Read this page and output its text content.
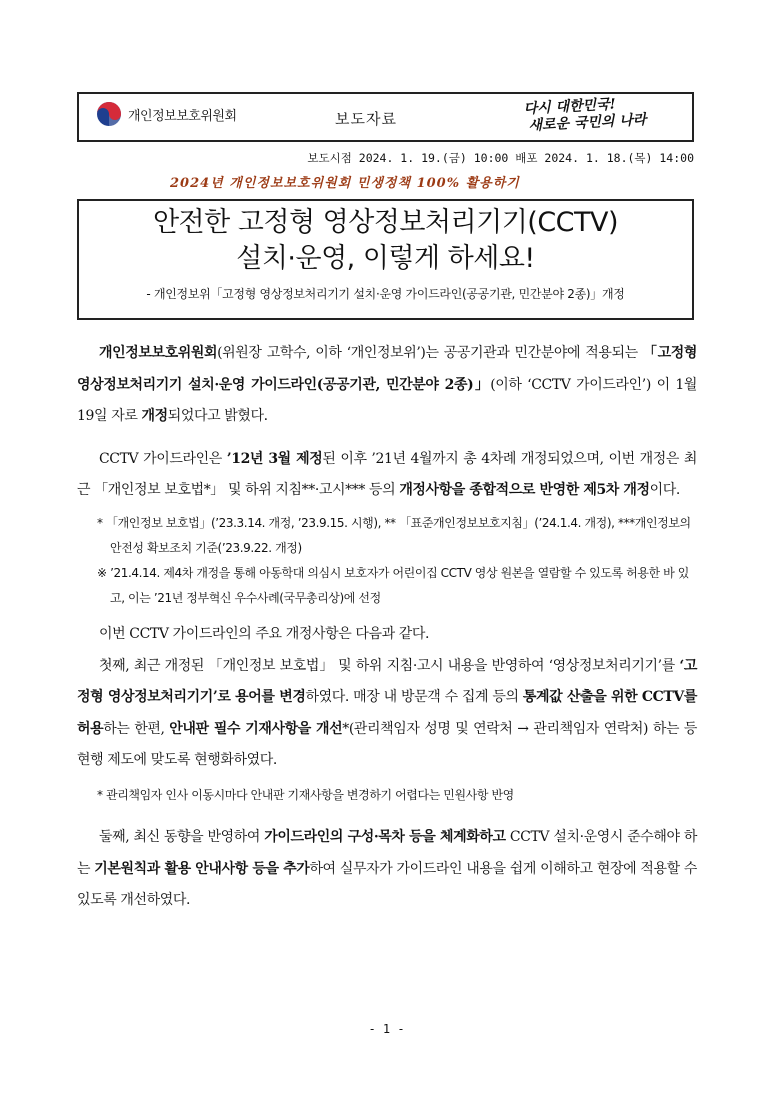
개인정보보호위원회	보도자료
다시 대한민국!
새로운 국민의 나라
보도시점 2024. 1. 19.(금) 10:00 배포 2024. 1. 18.(목) 14:00
2024년 개인정보보호위원회 민생정책 100% 활용하기
안전한 고정형 영상정보처리기기(CCTV)
설치·운영, 이렇게 하세요!
- 개인정보위「고정형 영상정보처리기기 설치·운영 가이드라인(공공기관, 민간분야 2종)」개정
개인정보보호위원회(위원장 고학수, 이하 ‘개인정보위’)는 공공기관과 민간분야에 적용되는 「고정형 영상정보처리기기 설치·운영 가이드라인(공공기관, 민간분야 2종)」(이하 ‘CCTV 가이드라인’) 이 1월 19일 자로 개정되었다고 밝혔다.
CCTV 가이드라인은 ’12년 3월 제정된 이후 ’21년 4월까지 총 4차례 개정되었으며, 이번 개정은 최근 「개인정보 보호법*」 및 하위 지침**·고시*** 등의 개정사항을 종합적으로 반영한 제5차 개정이다.
* 「개인정보 보호법」(’23.3.14. 개정, ’23.9.15. 시행), ** 「표준개인정보보호지침」(’24.1.4. 개정), ***개인정보의 안전성 확보조치 기준(’23.9.22. 개정)
※ ’21.4.14. 제4차 개정을 통해 아동학대 의심시 보호자가 어린이집 CCTV 영상 원본을 열람할 수 있도록 허용한 바 있고, 이는 ’21년 정부혁신 우수사례(국무총리상)에 선정
이번 CCTV 가이드라인의 주요 개정사항은 다음과 같다.
첫째, 최근 개정된 「개인정보 보호법」 및 하위 지침·고시 내용을 반영하여 ‘영상정보처리기기’를 ‘고정형 영상정보처리기기’로 용어를 변경하였다. 매장 내 방문객 수 집계 등의 통계값 산출을 위한 CCTV를 허용하는 한편, 안내판 필수 기재사항을 개선*(관리책임자 성명 및 연락처 → 관리책임자 연락처) 하는 등 현행 제도에 맞도록 현행화하였다.
* 관리책임자 인사 이동시마다 안내판 기재사항을 변경하기 어렵다는 민원사항 반영
둘째, 최신 동향을 반영하여 가이드라인의 구성·목차 등을 체계화하고 CCTV 설치·운영시 준수해야 하는 기본원칙과 활용 안내사항 등을 추가하여 실무자가 가이드라인 내용을 쉽게 이해하고 현장에 적용할 수 있도록 개선하였다.
- 1 -
